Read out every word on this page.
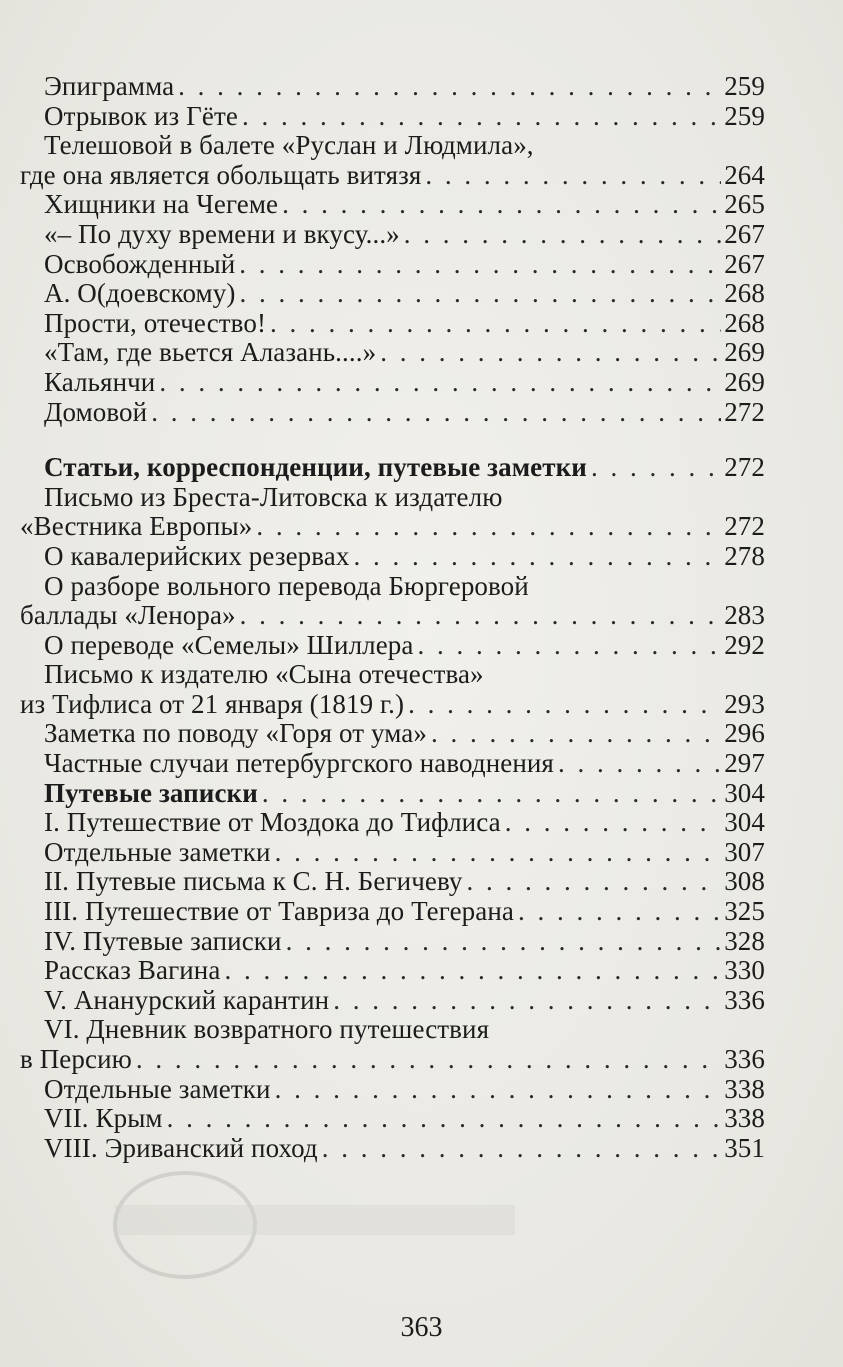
Эпиграмма . . .	259
Отрывок из Гёте . . .	259
Телешовой в балете «Руслан и Людмила»,
где она является обольщать витязя . . .	264
Хищники на Чегеме . . .	265
«– По духу времени и вкусу...» . . .	267
Освобожденный . . .	267
А. О(доевскому) . . .	268
Прости, отечество! . . .	268
«Там, где вьется Алазань....» . . .	269
Кальянчи . . .	269
Домовой . . .	272
Статьи, корреспонденции, путевые заметки . . .	272
Письмо из Бреста-Литовска к издателю
«Вестника Европы» . . .	272
О кавалерийских резервах . . .	278
О разборе вольного перевода Бюргеровой
баллады «Ленора» . . .	283
О переводе «Семелы» Шиллера . . .	292
Письмо к издателю «Сына отечества»
из Тифлиса от 21 января (1819 г.) . . .	293
Заметка по поводу «Горя от ума» . . .	296
Частные случаи петербургского наводнения . . .	297
Путевые записки . . .	304
I. Путешествие от Моздока до Тифлиса . . .	304
Отдельные заметки . . .	307
II. Путевые письма к С. Н. Бегичеву . . .	308
III. Путешествие от Тавриза до Тегерана . . .	325
IV. Путевые записки . . .	328
Рассказ Вагина . . .	330
V. Ананурский карантин . . .	336
VI. Дневник возвратного путешествия
в Персию . . .	336
Отдельные заметки . . .	338
VII. Крым . . .	338
VIII. Эриванский поход . . .	351
363
